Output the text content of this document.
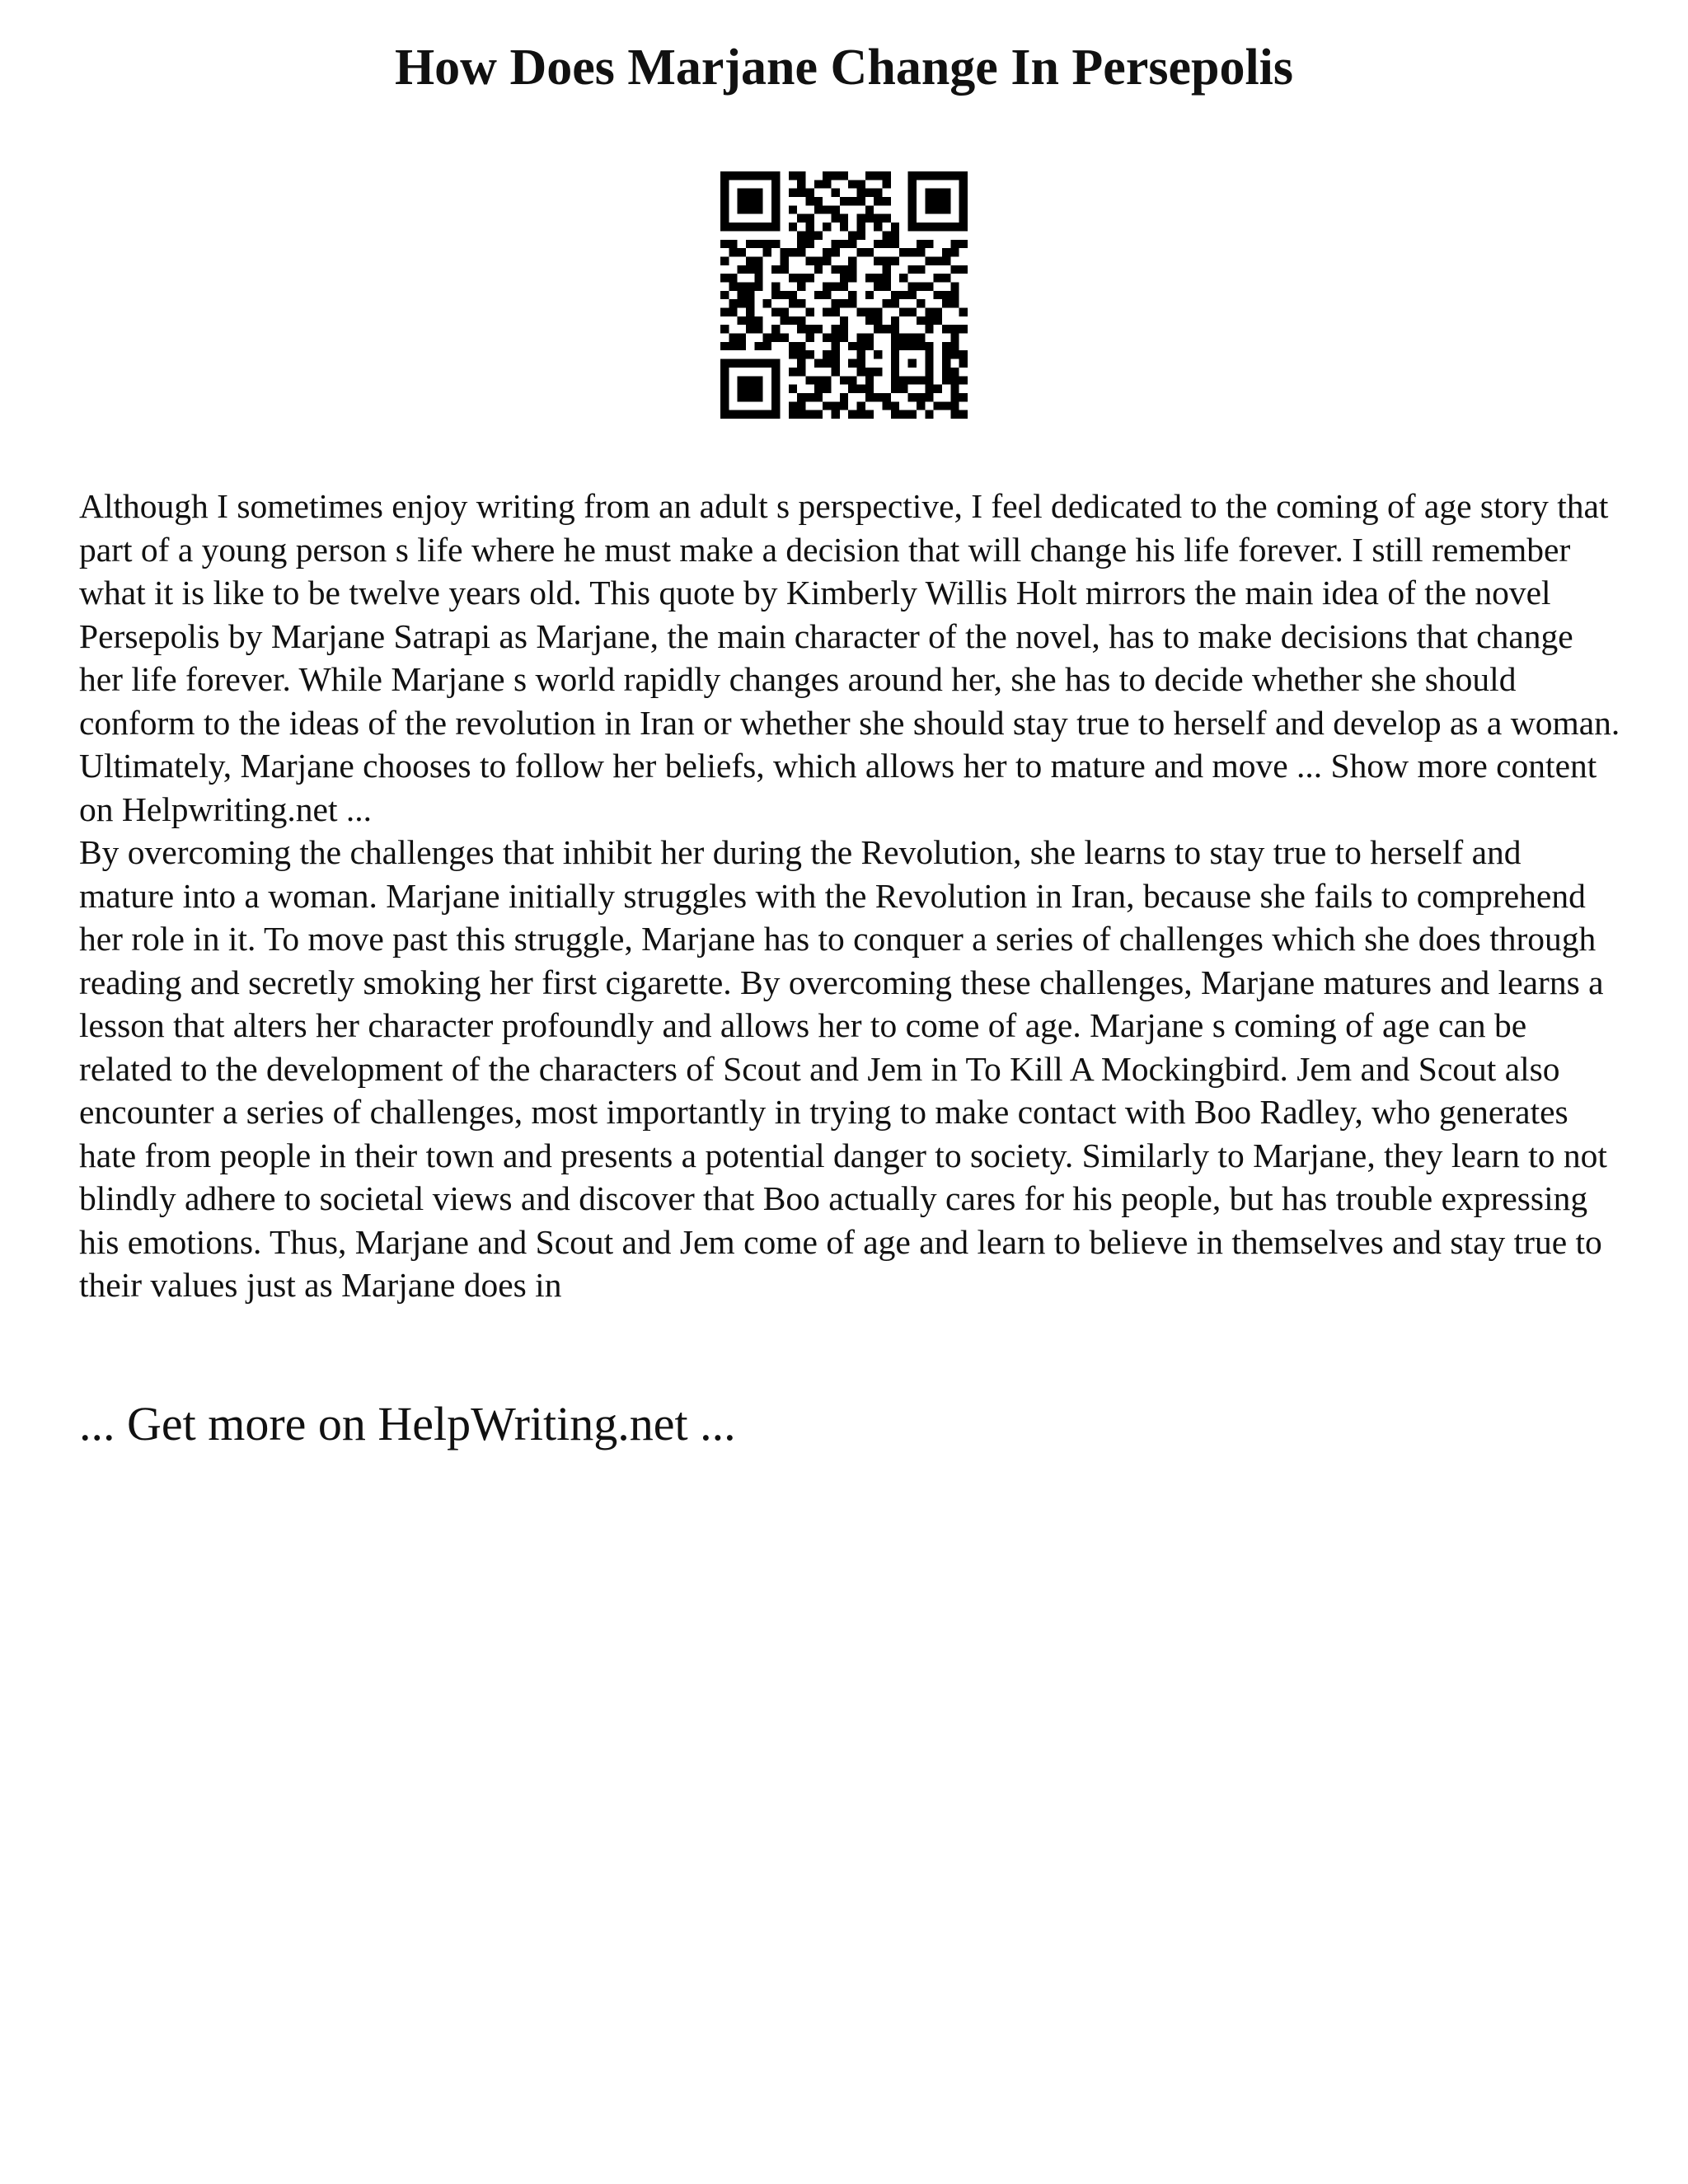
How Does Marjane Change In Persepolis

Although I sometimes enjoy writing from an adult s perspective, I feel dedicated to the coming of age story that part of a young person s life where he must make a decision that will change his life forever. I still remember what it is like to be twelve years old. This quote by Kimberly Willis Holt mirrors the main idea of the novel Persepolis by Marjane Satrapi as Marjane, the main character of the novel, has to make decisions that change her life forever. While Marjane s world rapidly changes around her, she has to decide whether she should conform to the ideas of the revolution in Iran or whether she should stay true to herself and develop as a woman. Ultimately, Marjane chooses to follow her beliefs, which allows her to mature and move ... Show more content on Helpwriting.net ...

By overcoming the challenges that inhibit her during the Revolution, she learns to stay true to herself and mature into a woman. Marjane initially struggles with the Revolution in Iran, because she fails to comprehend her role in it. To move past this struggle, Marjane has to conquer a series of challenges which she does through reading and secretly smoking her first cigarette. By overcoming these challenges, Marjane matures and learns a lesson that alters her character profoundly and allows her to come of age. Marjane s coming of age can be related to the development of the characters of Scout and Jem in To Kill A Mockingbird. Jem and Scout also encounter a series of challenges, most importantly in trying to make contact with Boo Radley, who generates hate from people in their town and presents a potential danger to society. Similarly to Marjane, they learn to not blindly adhere to societal views and discover that Boo actually cares for his people, but has trouble expressing his emotions. Thus, Marjane and Scout and Jem come of age and learn to believe in themselves and stay true to their values just as Marjane does in

... Get more on HelpWriting.net ...
